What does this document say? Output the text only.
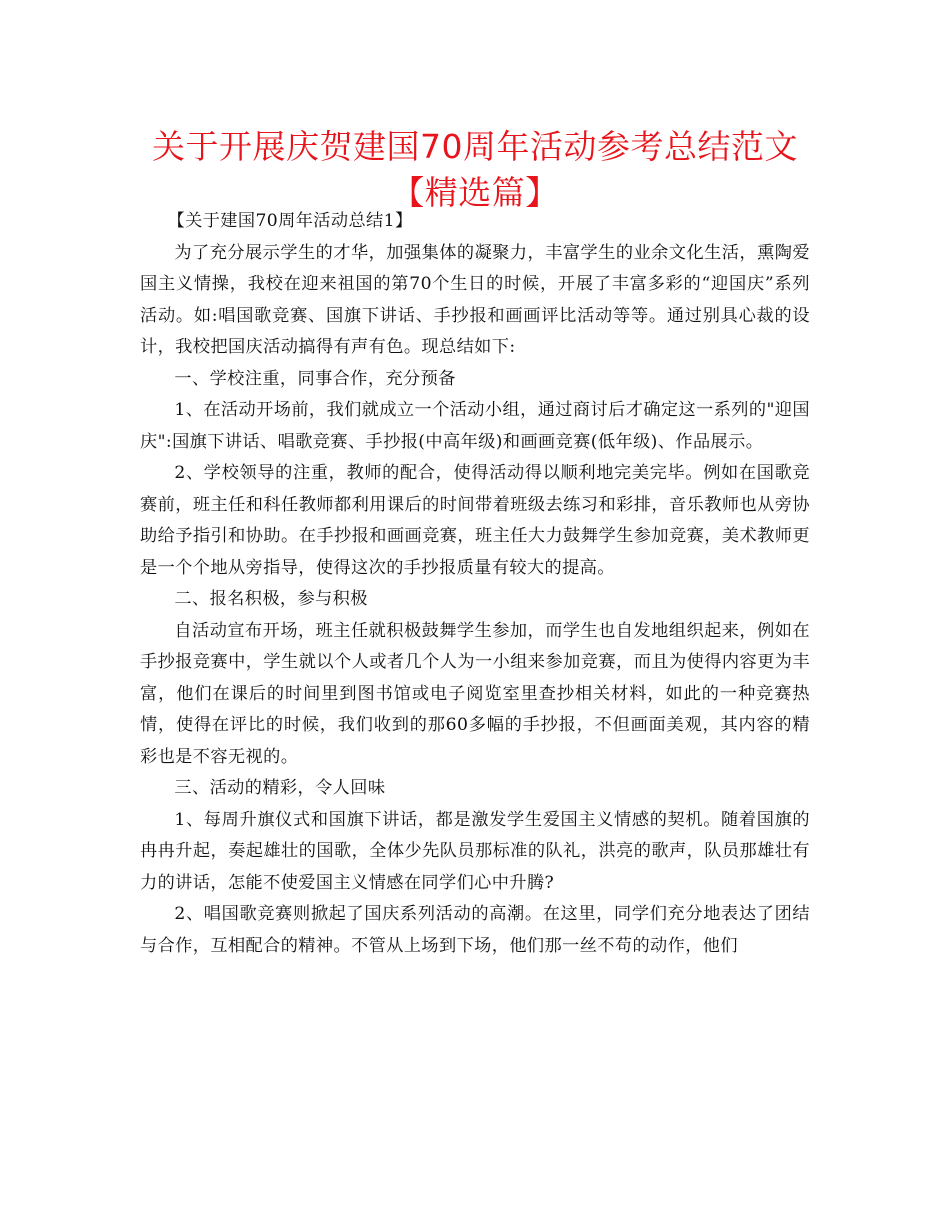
关于开展庆贺建国70周年活动参考总结范文
【精选篇】

【关于建国70周年活动总结1】

为了充分展示学生的才华，加强集体的凝聚力，丰富学生的业余文化生活，熏陶爱国主义情操，我校在迎来祖国的第70个生日的时候，开展了丰富多彩的“迎国庆”系列活动。如:唱国歌竞赛、国旗下讲话、手抄报和画画评比活动等等。通过别具心裁的设计，我校把国庆活动搞得有声有色。现总结如下:

一、学校注重，同事合作，充分预备

1、在活动开场前，我们就成立一个活动小组，通过商讨后才确定这一系列的"迎国庆":国旗下讲话、唱歌竞赛、手抄报(中高年级)和画画竞赛(低年级)、作品展示。

2、学校领导的注重，教师的配合，使得活动得以顺利地完美完毕。例如在国歌竞赛前，班主任和科任教师都利用课后的时间带着班级去练习和彩排，音乐教师也从旁协助给予指引和协助。在手抄报和画画竞赛，班主任大力鼓舞学生参加竞赛，美术教师更是一个个地从旁指导，使得这次的手抄报质量有较大的提高。

二、报名积极，参与积极

自活动宣布开场，班主任就积极鼓舞学生参加，而学生也自发地组织起来，例如在手抄报竞赛中，学生就以个人或者几个人为一小组来参加竞赛，而且为使得内容更为丰富，他们在课后的时间里到图书馆或电子阅览室里查抄相关材料，如此的一种竞赛热情，使得在评比的时候，我们收到的那60多幅的手抄报，不但画面美观，其内容的精彩也是不容无视的。

三、活动的精彩，令人回味

1、每周升旗仪式和国旗下讲话，都是激发学生爱国主义情感的契机。随着国旗的冉冉升起，奏起雄壮的国歌，全体少先队员那标准的队礼，洪亮的歌声，队员那雄壮有力的讲话，怎能不使爱国主义情感在同学们心中升腾?

2、唱国歌竞赛则掀起了国庆系列活动的高潮。在这里，同学们充分地表达了团结与合作，互相配合的精神。不管从上场到下场，他们那一丝不苟的动作，他们
